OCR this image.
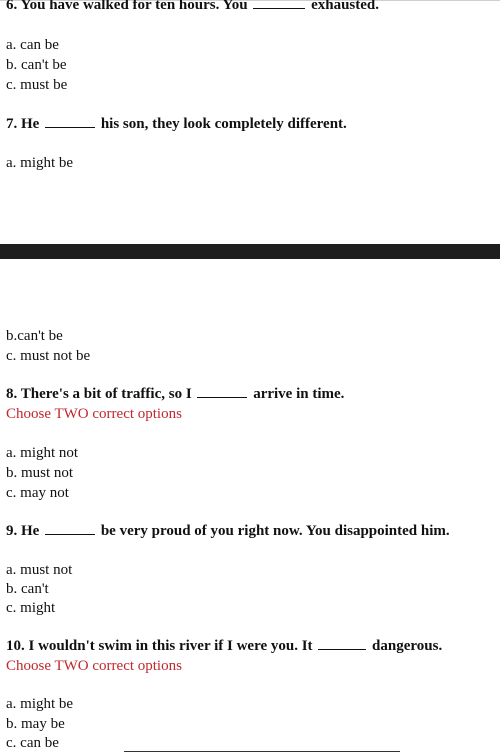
6. You have walked for ten hours. You	exhausted.
a. can be
b. can't be
c. must be
7. He	his son, they look completely different.
a. might be
b.can't be
c. must not be
8. There's a bit of traffic, so I	arrive in time.
Choose TWO correct options
a. might not
b. must not
c. may not
9. He	be very proud of you right now. You disappointed him.
a. must not
b. can't
c. might
10. I wouldn't swim in this river if I were you. It	dangerous.
Choose TWO correct options
a. might be
b. may be
c. can be
